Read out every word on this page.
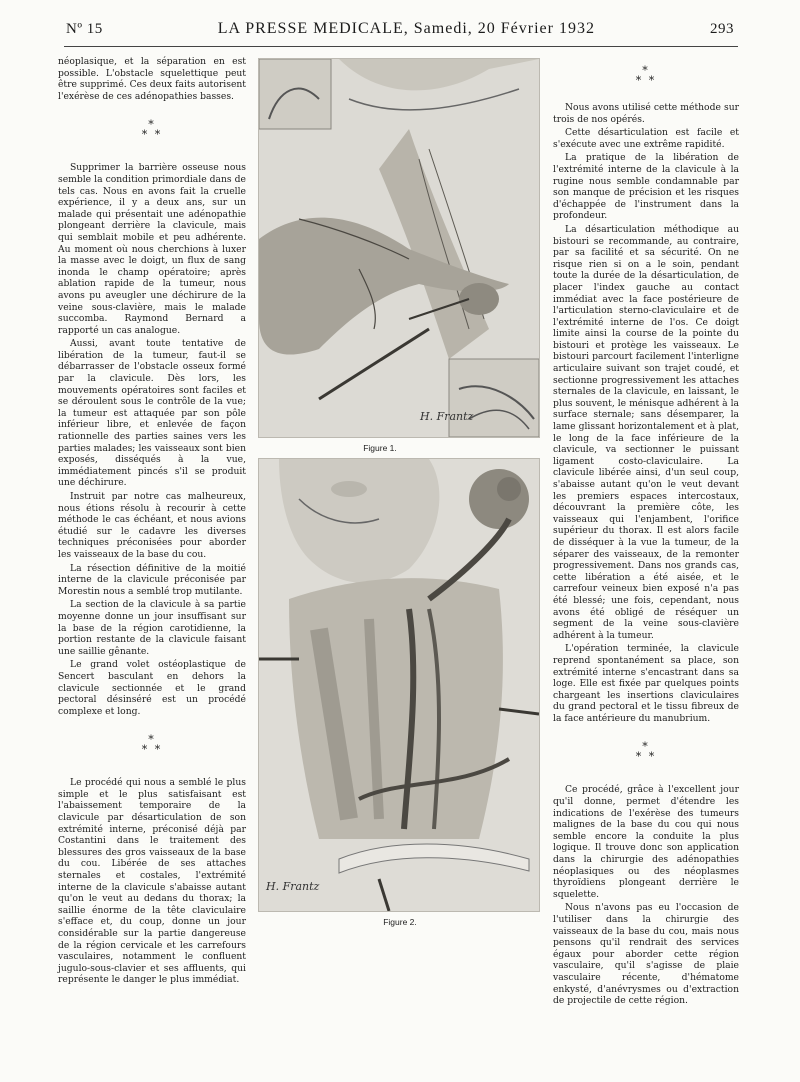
Nº 15	LA PRESSE MEDICALE, Samedi, 20 Février 1932	293

néoplasique, et la séparation en est possible. L'obstacle squelettique peut être supprimé. Ces deux faits autorisent l'exérèse de ces adénopathies basses.

*
* *

Supprimer la barrière osseuse nous semble la condition primordiale dans de tels cas. Nous en avons fait la cruelle expérience, il y a deux ans, sur un malade qui présentait une adénopathie plongeant derrière la clavicule, mais qui semblait mobile et peu adhérente. Au moment où nous cherchions à luxer la masse avec le doigt, un flux de sang inonda le champ opératoire; après ablation rapide de la tumeur, nous avons pu aveugler une déchirure de la veine sous-clavière, mais le malade succomba. Raymond Bernard a rapporté un cas analogue.

Aussi, avant toute tentative de libération de la tumeur, faut-il se débarrasser de l'obstacle osseux formé par la clavicule. Dès lors, les mouvements opératoires sont faciles et se déroulent sous le contrôle de la vue; la tumeur est attaquée par son pôle inférieur libre, et enlevée de façon rationnelle des parties saines vers les parties malades; les vaisseaux sont bien exposés, disséqués à la vue, immédiatement pincés s'il se produit une déchirure.

Instruit par notre cas malheureux, nous étions résolu à recourir à cette méthode le cas échéant, et nous avions étudié sur le cadavre les diverses techniques préconisées pour aborder les vaisseaux de la base du cou.

La résection définitive de la moitié interne de la clavicule préconisée par Morestin nous a semblé trop mutilante.

La section de la clavicule à sa partie moyenne donne un jour insuffisant sur la base de la région carotidienne, la portion restante de la clavicule faisant une saillie gênante.

Le grand volet ostéoplastique de Sencert basculant en dehors la clavicule sectionnée et le grand pectoral désinséré est un procédé complexe et long.

*
* *

Le procédé qui nous a semblé le plus simple et le plus satisfaisant est l'abaissement temporaire de la clavicule par désarticulation de son extrémité interne, préconisé déjà par Costantini dans le traitement des blessures des gros vaisseaux de la base du cou. Libérée de ses attaches sternales et costales, l'extrémité interne de la clavicule s'abaisse autant qu'on le veut au dedans du thorax; la saillie énorme de la tête claviculaire s'efface et, du coup, donne un jour considérable sur la partie dangereuse de la région cervicale et les carrefours vasculaires, notamment le confluent jugulo-sous-clavier et ses affluents, qui représente le danger le plus immédiat.

H. Frantz
Figure 1.
H. Frantz
Figure 2.
*
* *

Nous avons utilisé cette méthode sur trois de nos opérés.

Cette désarticulation est facile et s'exécute avec une extrême rapidité.

La pratique de la libération de l'extrémité interne de la clavicule à la rugine nous semble condamnable par son manque de précision et les risques d'échappée de l'instrument dans la profondeur.

La désarticulation méthodique au bistouri se recommande, au contraire, par sa facilité et sa sécurité. On ne risque rien si on a le soin, pendant toute la durée de la désarticulation, de placer l'index gauche au contact immédiat avec la face postérieure de l'articulation sterno-claviculaire et de l'extrémité interne de l'os. Ce doigt limite ainsi la course de la pointe du bistouri et protège les vaisseaux. Le bistouri parcourt facilement l'interligne articulaire suivant son trajet coudé, et sectionne progressivement les attaches sternales de la clavicule, en laissant, le plus souvent, le ménisque adhérent à la surface sternale; sans désemparer, la lame glissant horizontalement et à plat, le long de la face inférieure de la clavicule, va sectionner le puissant ligament costo-claviculaire. La clavicule libérée ainsi, d'un seul coup, s'abaisse autant qu'on le veut devant les premiers espaces intercostaux, découvrant la première côte, les vaisseaux qui l'enjambent, l'orifice supérieur du thorax. Il est alors facile de disséquer à la vue la tumeur, de la séparer des vaisseaux, de la remonter progressivement. Dans nos grands cas, cette libération a été aisée, et le carrefour veineux bien exposé n'a pas été blessé; une fois, cependant, nous avons été obligé de réséquer un segment de la veine sous-clavière adhérent à la tumeur.

L'opération terminée, la clavicule reprend spontanément sa place, son extrémité interne s'encastrant dans sa loge. Elle est fixée par quelques points chargeant les insertions claviculaires du grand pectoral et le tissu fibreux de la face antérieure du manubrium.

*
* *

Ce procédé, grâce à l'excellent jour qu'il donne, permet d'étendre les indications de l'exérèse des tumeurs malignes de la base du cou qui nous semble encore la conduite la plus logique. Il trouve donc son application dans la chirurgie des adénopathies néoplasiques ou des néoplasmes thyroïdiens plongeant derrière le squelette.

Nous n'avons pas eu l'occasion de l'utiliser dans la chirurgie des vaisseaux de la base du cou, mais nous pensons qu'il rendrait des services égaux pour aborder cette région vasculaire, qu'il s'agisse de plaie vasculaire récente, d'hématome enkysté, d'anévrysmes ou d'extraction de projectile de cette région.
